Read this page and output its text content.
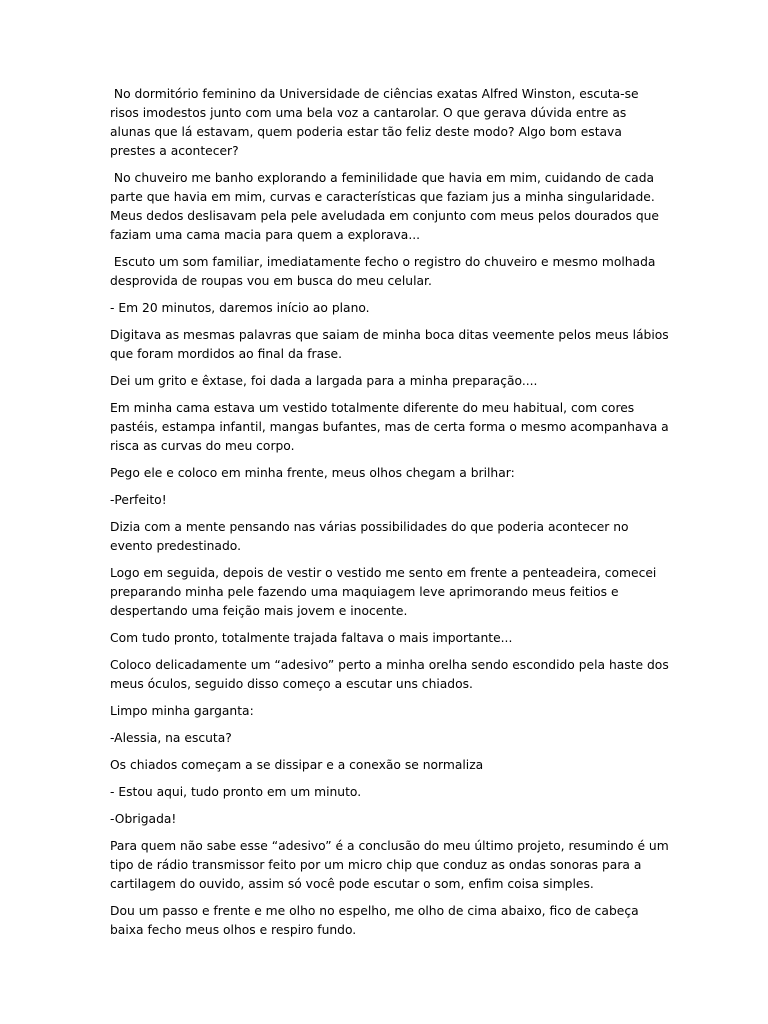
No dormitório feminino da Universidade de ciências exatas Alfred Winston, escuta-se risos imodestos junto com uma bela voz a cantarolar. O que gerava dúvida entre as alunas que lá estavam, quem poderia estar tão feliz deste modo? Algo bom estava prestes a acontecer?

No chuveiro me banho explorando a feminilidade que havia em mim, cuidando de cada parte que havia em mim, curvas e características que faziam jus a minha singularidade. Meus dedos deslisavam pela pele aveludada em conjunto com meus pelos dourados que faziam uma cama macia para quem a explorava...

Escuto um som familiar, imediatamente fecho o registro do chuveiro e mesmo molhada desprovida de roupas vou em busca do meu celular.

- Em 20 minutos, daremos início ao plano.

Digitava as mesmas palavras que saiam de minha boca ditas veemente pelos meus lábios que foram mordidos ao final da frase.

Dei um grito e êxtase, foi dada a largada para a minha preparação....

Em minha cama estava um vestido totalmente diferente do meu habitual, com cores pastéis, estampa infantil, mangas bufantes, mas de certa forma o mesmo acompanhava a risca as curvas do meu corpo.

Pego ele e coloco em minha frente, meus olhos chegam a brilhar:

-Perfeito!

Dizia com a mente pensando nas várias possibilidades do que poderia acontecer no evento predestinado.

Logo em seguida, depois de vestir o vestido me sento em frente a penteadeira, comecei preparando minha pele fazendo uma maquiagem leve aprimorando meus feitios e despertando uma feição mais jovem e inocente.

Com tudo pronto, totalmente trajada faltava o mais importante...

Coloco delicadamente um “adesivo” perto a minha orelha sendo escondido pela haste dos meus óculos, seguido disso começo a escutar uns chiados.

Limpo minha garganta:

-Alessia, na escuta?

Os chiados começam a se dissipar e a conexão se normaliza

- Estou aqui, tudo pronto em um minuto.

-Obrigada!

Para quem não sabe esse “adesivo” é a conclusão do meu último projeto, resumindo é um tipo de rádio transmissor feito por um micro chip que conduz as ondas sonoras para a cartilagem do ouvido, assim só você pode escutar o som, enfim coisa simples.

Dou um passo e frente e me olho no espelho, me olho de cima abaixo, fico de cabeça baixa fecho meus olhos e respiro fundo.
